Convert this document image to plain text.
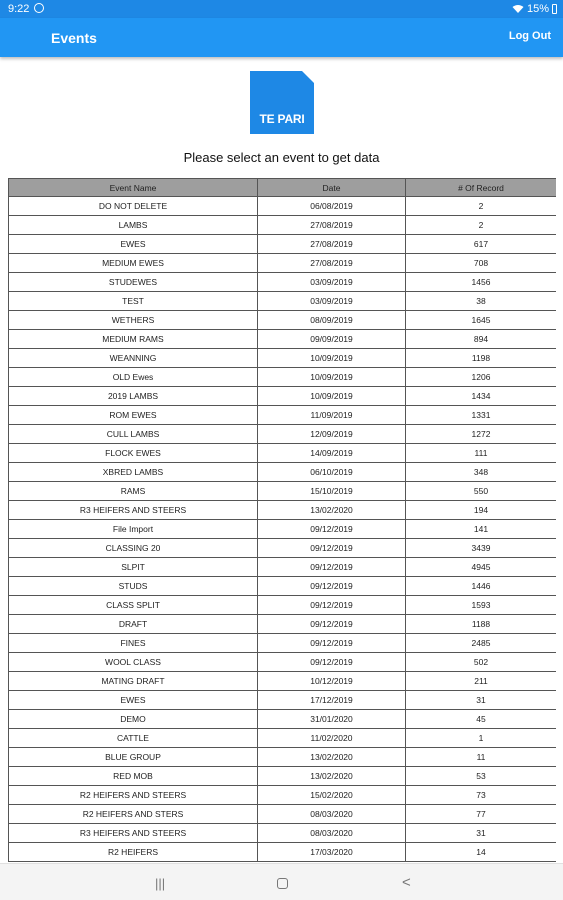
9:22	15%
Events	Log Out
TE PARI
Please select an event to get data
Event Name	Date	# Of Record
DO NOT DELETE	06/08/2019	2
LAMBS	27/08/2019	2
EWES	27/08/2019	617
MEDIUM EWES	27/08/2019	708
STUDEWES	03/09/2019	1456
TEST	03/09/2019	38
WETHERS	08/09/2019	1645
MEDIUM RAMS	09/09/2019	894
WEANNING	10/09/2019	1198
OLD Ewes	10/09/2019	1206
2019 LAMBS	10/09/2019	1434
ROM EWES	11/09/2019	1331
CULL LAMBS	12/09/2019	1272
FLOCK EWES	14/09/2019	111
XBRED LAMBS	06/10/2019	348
RAMS	15/10/2019	550
R3 HEIFERS AND STEERS	13/02/2020	194
File Import	09/12/2019	141
CLASSING 20	09/12/2019	3439
SLPIT	09/12/2019	4945
STUDS	09/12/2019	1446
CLASS SPLIT	09/12/2019	1593
DRAFT	09/12/2019	1188
FINES	09/12/2019	2485
WOOL CLASS	09/12/2019	502
MATING DRAFT	10/12/2019	211
EWES	17/12/2019	31
DEMO	31/01/2020	45
CATTLE	11/02/2020	1
BLUE GROUP	13/02/2020	11
RED MOB	13/02/2020	53
R2 HEIFERS AND STEERS	15/02/2020	73
R2 HEIFERS AND STERS	08/03/2020	77
R3 HEIFERS AND STEERS	08/03/2020	31
R2 HEIFERS	17/03/2020	14
|||	<
